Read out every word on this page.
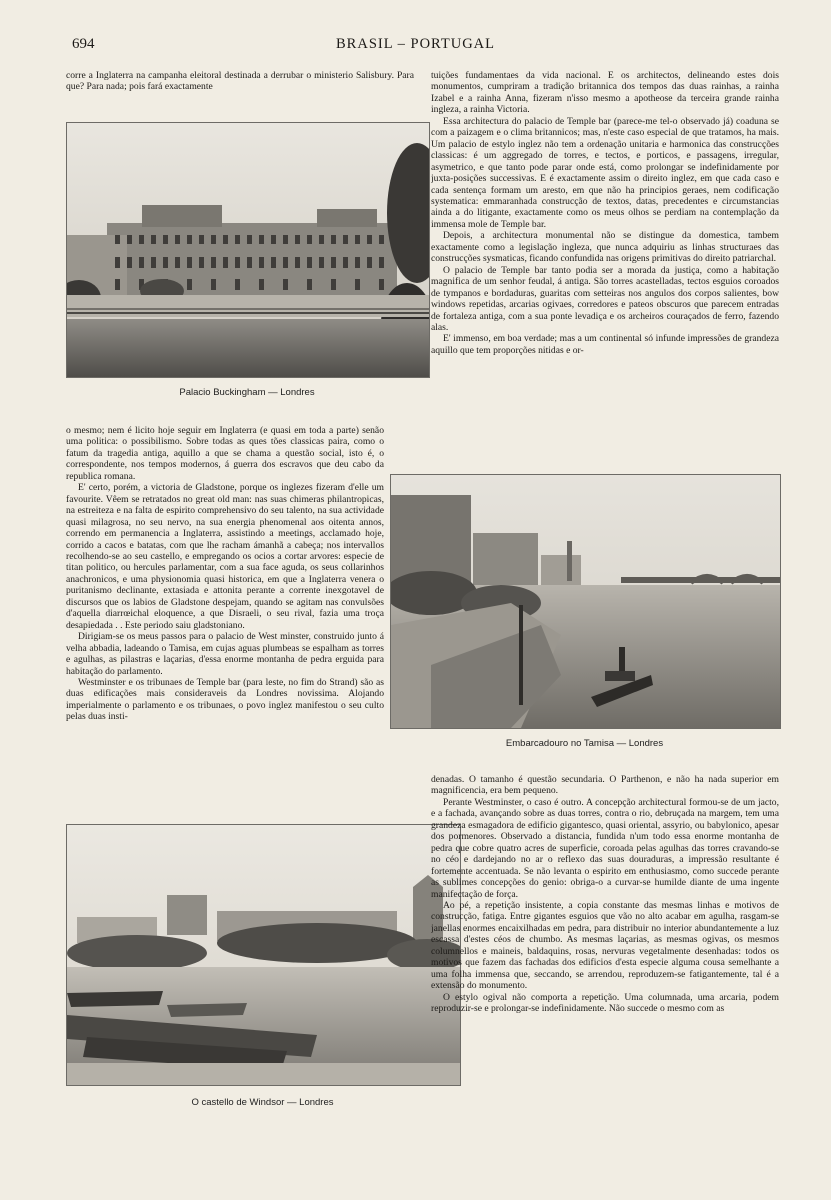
694	BRASIL – PORTUGAL

corre a Inglaterra na campanha eleitoral destinada a derrubar o ministerio Salisbury. Para que? Para nada; pois fará exactamente

tuições fundamentaes da vida nacional. E os architectos, delineando estes dois monumentos, cumpriram a tradição britannica dos tempos das duas rainhas, a rainha Izabel e a rainha Anna, fizeram n'isso mesmo a apotheose da terceira grande rainha ingleza, a rainha Victoria.

Essa architectura do palacio de Temple bar (parece-me tel-o observado já) coaduna se com a paizagem e o clima britannicos; mas, n'este caso especial de que tratamos, ha mais. Um palacio de estylo inglez não tem a ordenação unitaria e harmonica das construcções classicas: é um aggregado de torres, e tectos, e porticos, e passagens, irregular, asymetrico, e que tanto pode parar onde está, como prolongar se indefinidamente por juxta-posições successivas. E é exactamente assim o direito inglez, em que cada caso e cada sentença formam um aresto, em que não ha principios geraes, nem codificação systematica: emmaranhada construcção de textos, datas, precedentes e circumstancias ainda a do litigante, exactamente como os meus olhos se perdiam na contemplação da immensa mole de Temple bar.

Depois, a architectura monumental não se distingue da domestica, tambem exactamente como a legislação ingleza, que nunca adquiriu as linhas structuraes das construcções sysmaticas, ficando confundida nas origens primitivas do direito patriarchal.

O palacio de Temple bar tanto podia ser a morada da justiça, como a habitação magnifica de um senhor feudal, á antiga. São torres acastelladas, tectos esguios coroados de tympanos e bordaduras, guaritas com setteiras nos angulos dos corpos salientes, bow windows repetidas, arcarias ogivaes, corredores e pateos obscuros que parecem entradas de fortaleza antiga, com a sua ponte levadiça e os archeiros couraçados de ferro, fazendo alas.

E' immenso, em boa verdade; mas a um continental só infunde impressões de grandeza aquillo que tem proporções nitidas e or-

Palacio Buckingham — Londres

o mesmo; nem é licito hoje seguir em Inglaterra (e quasi em toda a parte) senão uma politica: o possibilismo. Sobre todas as ques tões classicas paira, como o fatum da tragedia antiga, aquillo a que se chama a questão social, isto é, o correspondente, nos tempos modernos, á guerra dos escravos que deu cabo da republica romana.

E' certo, porém, a victoria de Gladstone, porque os inglezes fizeram d'elle um favourite. Vêem se retratados no great old man: nas suas chimeras philantropicas, na estreiteza e na falta de espirito comprehensivo do seu talento, na sua actividade quasi milagrosa, no seu nervo, na sua energia phenomenal aos oitenta annos, correndo em permanencia a Inglaterra, assistindo a meetings, acclamado hoje, corrido a cacos e batatas, com que lhe racham ámanhã a cabeça; nos intervallos recolhendo-se ao seu castello, e empregando os ocios a cortar arvores: especie de titan politico, ou hercules parlamentar, com a sua face aguda, os seus collarinhos anachronicos, e uma physionomia quasi historica, em que a Inglaterra venera o puritanismo declinante, extasiada e attonita perante a corrente inexgotavel de discursos que os labios de Gladstone despejam, quando se agitam nas convulsões d'aquella diarrœichal eloquence, a que Disraeli, o seu rival, fazia uma troça desapiedada . . Este periodo saiu gladstoniano.

Dirigiam-se os meus passos para o palacio de West minster, construido junto á velha abbadia, ladeando o Tamisa, em cujas aguas plumbeas se espalham as torres e agulhas, as pilastras e laçarias, d'essa enorme montanha de pedra erguida para habitação do parlamento.

Westminster e os tribunaes de Temple bar (para leste, no fim do Strand) são as duas edificações mais consideraveis da Londres novissima. Alojando imperialmente o parlamento e os tribunaes, o povo inglez manifestou o seu culto pelas duas insti-

Embarcadouro no Tamisa — Londres
O castello de Windsor — Londres

denadas. O tamanho é questão secundaria. O Parthenon, e não ha nada superior em magnificencia, era bem pequeno.

Perante Westminster, o caso é outro. A concepção architectural formou-se de um jacto, e a fachada, avançando sobre as duas torres, contra o rio, debruçada na margem, tem uma grandeza esmagadora de edificio gigantesco, quasi oriental, assyrio, ou babylonico, apesar dos pormenores. Observado a distancia, fundida n'um todo essa enorme montanha de pedra que cobre quatro acres de superficie, coroada pelas agulhas das torres cravando-se no céo e dardejando no ar o reflexo das suas douraduras, a impressão resultante é fortemente accentuada. Se não levanta o espirito em enthusiasmo, como succede perante as sublimes concepções do genio: obriga-o a curvar-se humilde diante de uma ingente manifectação de força.

Ao pé, a repetição insistente, a copia constante das mesmas linhas e motivos de construcção, fatiga. Entre gigantes esguios que vão no alto acabar em agulha, rasgam-se janellas enormes encaixilhadas em pedra, para distribuir no interior abundantemente a luz escassa d'estes céos de chumbo. As mesmas laçarias, as mesmas ogivas, os mesmos columnellos e maineis, baldaquins, rosas, nervuras vegetalmente desenhadas: todos os motivos que fazem das fachadas dos edificios d'esta especie alguma cousa semelhante a uma folha immensa que, seccando, se arrendou, reproduzem-se fatigantemente, tal é a extensão do monumento.

O estylo ogival não comporta a repetição. Uma columnada, uma arcaria, podem reproduzir-se e prolongar-se indefinidamente. Não succede o mesmo com as
